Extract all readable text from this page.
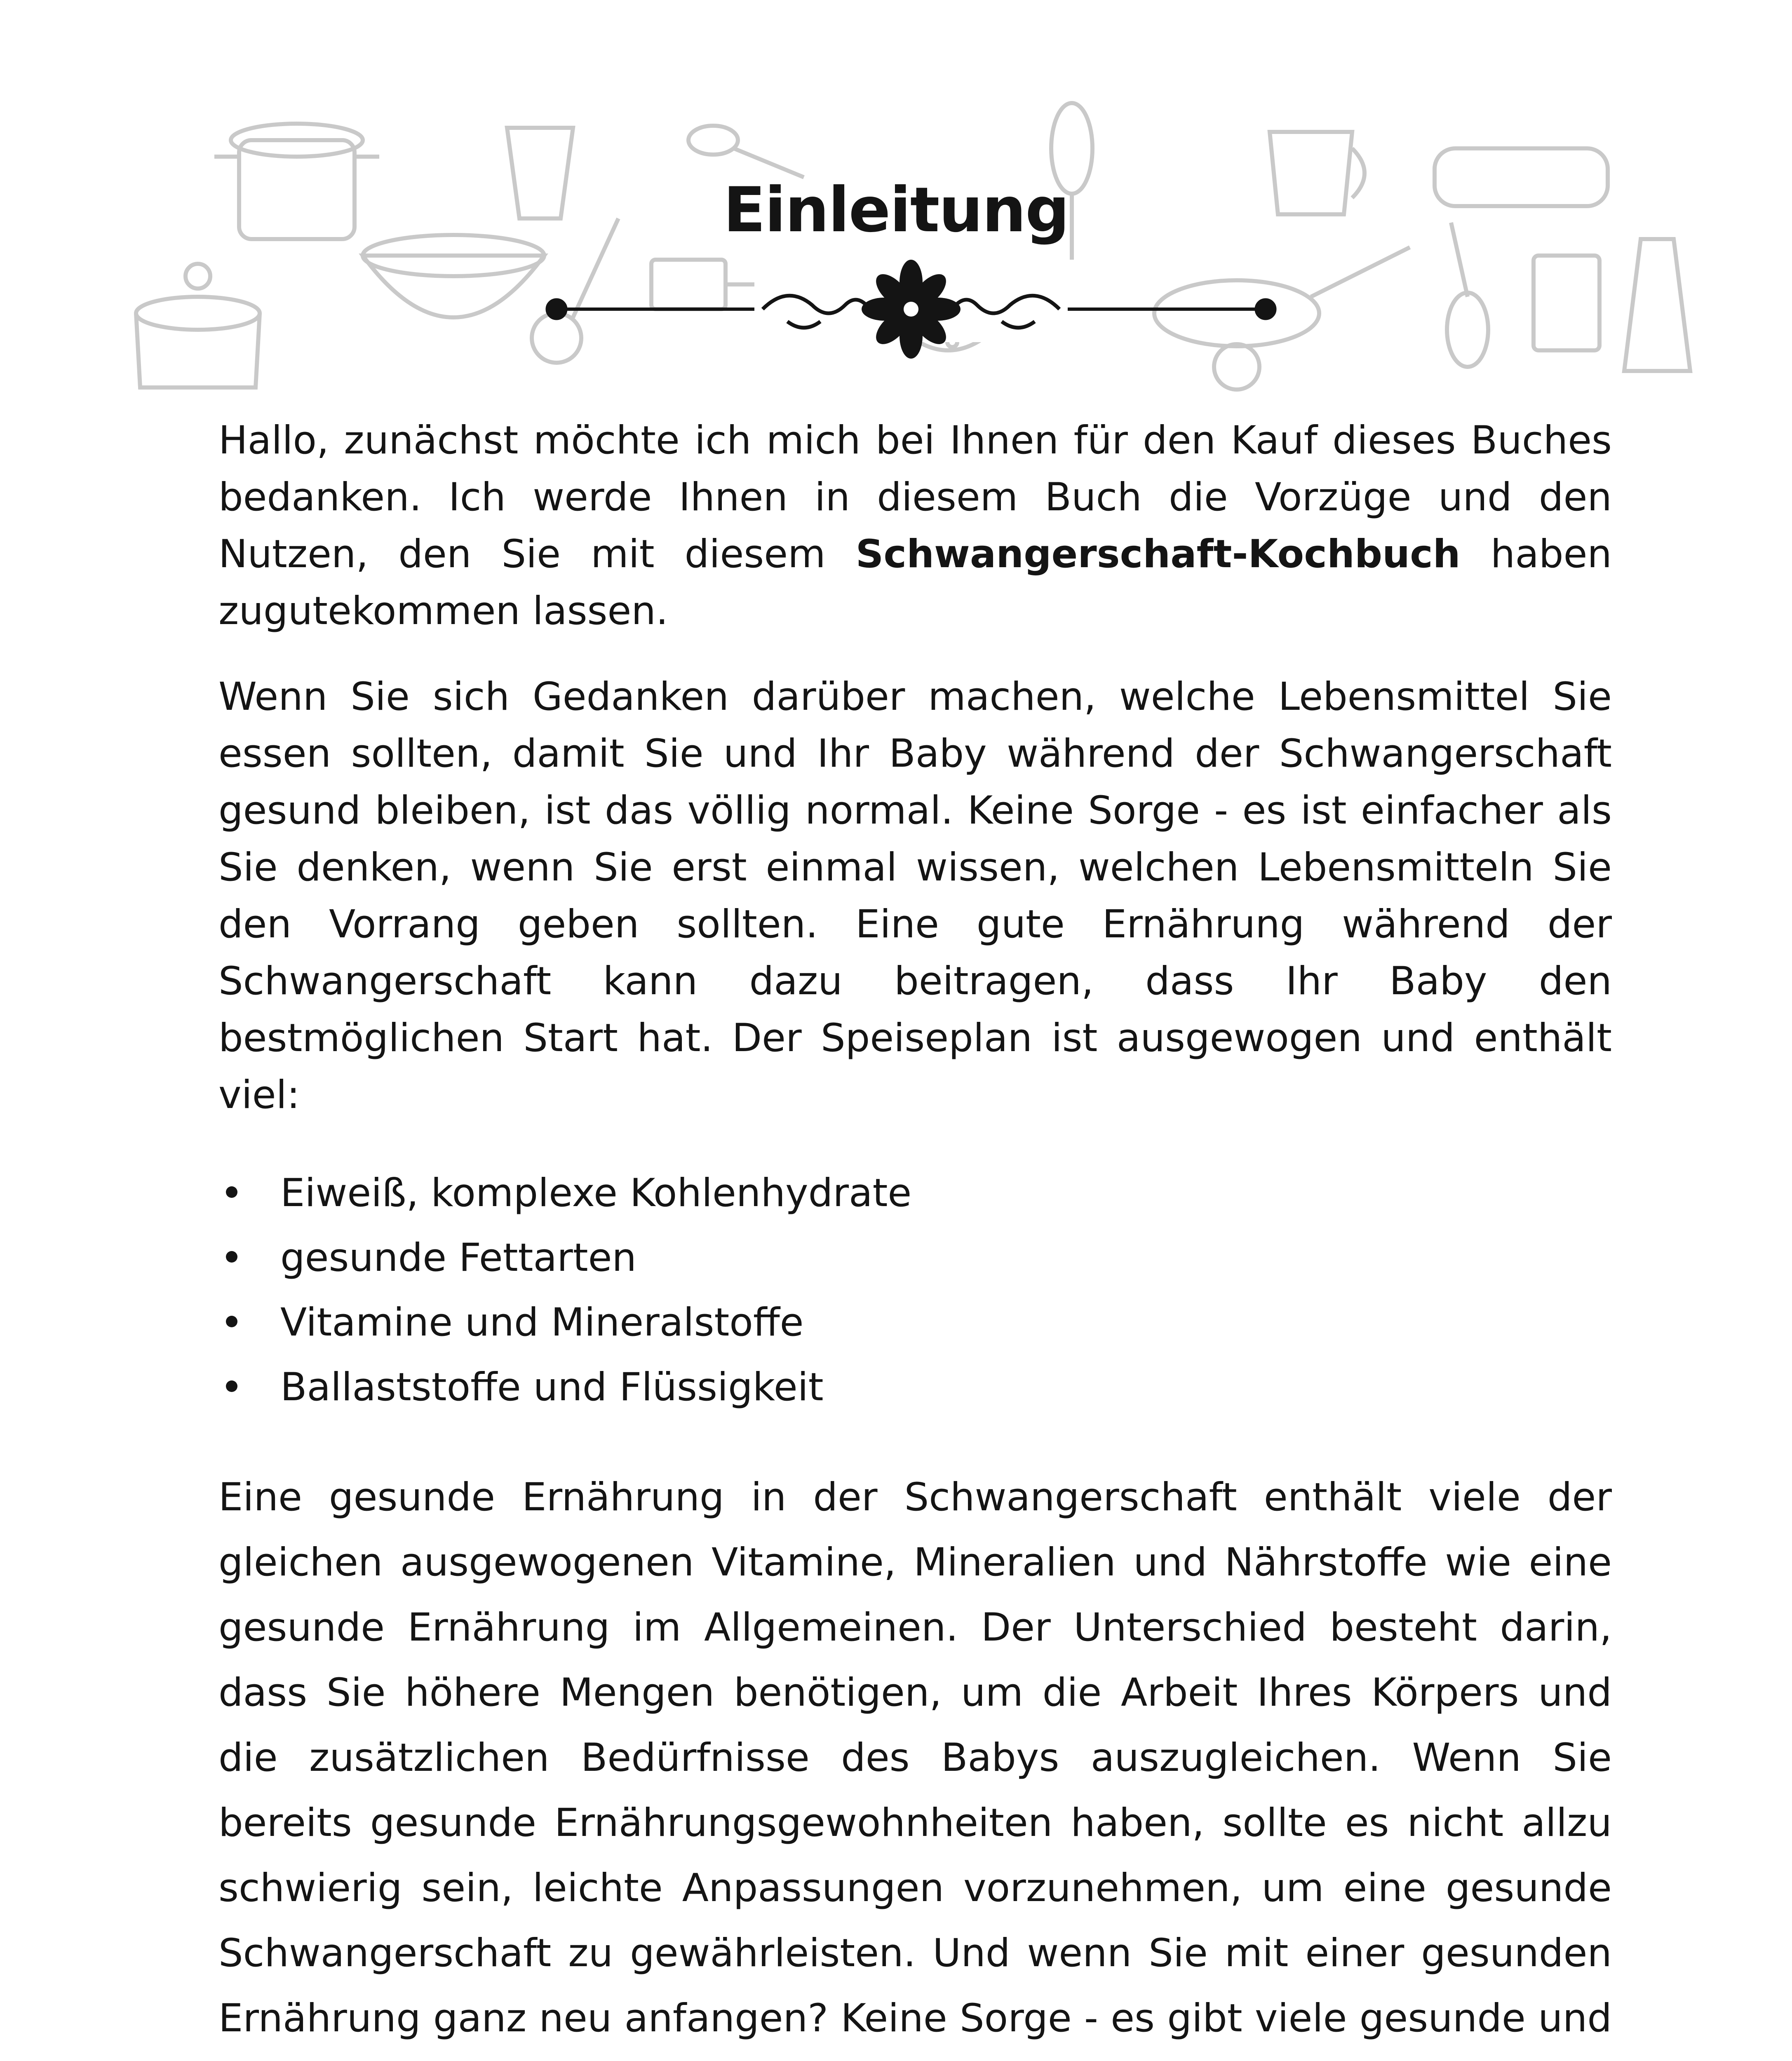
Einleitung

Hallo, zunächst möchte ich mich bei Ihnen für den Kauf dieses Buches bedanken. Ich werde Ihnen in diesem Buch die Vorzüge und den Nutzen, den Sie mit diesem Schwangerschaft-Kochbuch haben zugutekommen lassen.

Wenn Sie sich Gedanken darüber machen, welche Lebensmittel Sie essen sollten, damit Sie und Ihr Baby während der Schwangerschaft gesund bleiben, ist das völlig normal. Keine Sorge - es ist einfacher als Sie denken, wenn Sie erst einmal wissen, welchen Lebensmitteln Sie den Vorrang geben sollten. Eine gute Ernährung während der Schwangerschaft kann dazu beitragen, dass Ihr Baby den bestmöglichen Start hat. Der Speiseplan ist ausgewogen und enthält viel:

Eiweiß, komplexe Kohlenhydrate
gesunde Fettarten
Vitamine und Mineralstoffe
Ballaststoffe und Flüssigkeit

Eine gesunde Ernährung in der Schwangerschaft enthält viele der gleichen ausgewogenen Vitamine, Mineralien und Nährstoffe wie eine gesunde Ernährung im Allgemeinen. Der Unterschied besteht darin, dass Sie höhere Mengen benötigen, um die Arbeit Ihres Körpers und die zusätzlichen Bedürfnisse des Babys auszugleichen. Wenn Sie bereits gesunde Ernährungsgewohnheiten haben, sollte es nicht allzu schwierig sein, leichte Anpassungen vorzunehmen, um eine gesunde Schwangerschaft zu gewährleisten. Und wenn Sie mit einer gesunden Ernährung ganz neu anfangen? Keine Sorge - es gibt viele gesunde und
